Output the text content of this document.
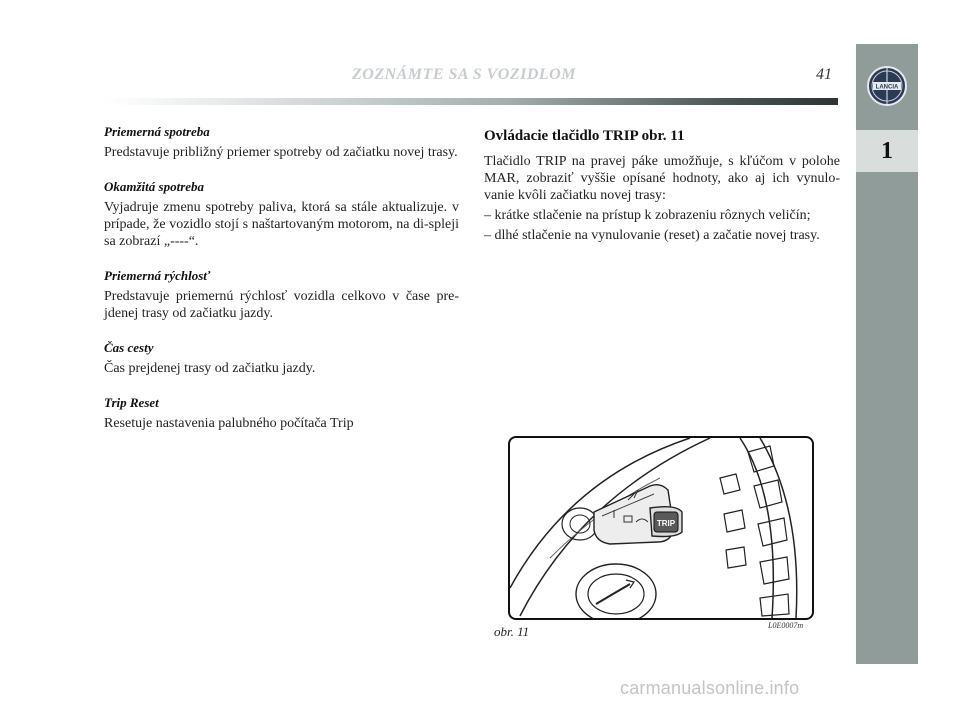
ZOZNÁMTE SA S VOZIDLOM	41
LANCIA
1

Priemerná spotreba

Predstavuje približný priemer spotreby od začiatku novej trasy.

Okamžitá spotreba

Vyjadruje zmenu spotreby paliva, ktorá sa stále aktualizuje. v prípade, že vozidlo stojí s naštartovaným motorom, na di-spleji sa zobrazí „----“.

Priemerná rýchlosť

Predstavuje priemernú rýchlosť vozidla celkovo v čase pre-jdenej trasy od začiatku jazdy.

Čas cesty

Čas prejdenej trasy od začiatku jazdy.

Trip Reset

Resetuje nastavenia palubného počítača Trip

Ovládacie tlačidlo TRIP obr. 11

Tlačidlo TRIP na pravej páke umožňuje, s kľúčom v polohe MAR, zobraziť vyššie opísané hodnoty, ako aj ich vynulo-vanie kvôli začiatku novej trasy:

– krátke stlačenie na prístup k zobrazeniu rôznych veličín;

– dlhé stlačenie na vynulovanie (reset) a začatie novej trasy.

TRIP
L0E0007m
obr. 11
carmanualsonline.info
